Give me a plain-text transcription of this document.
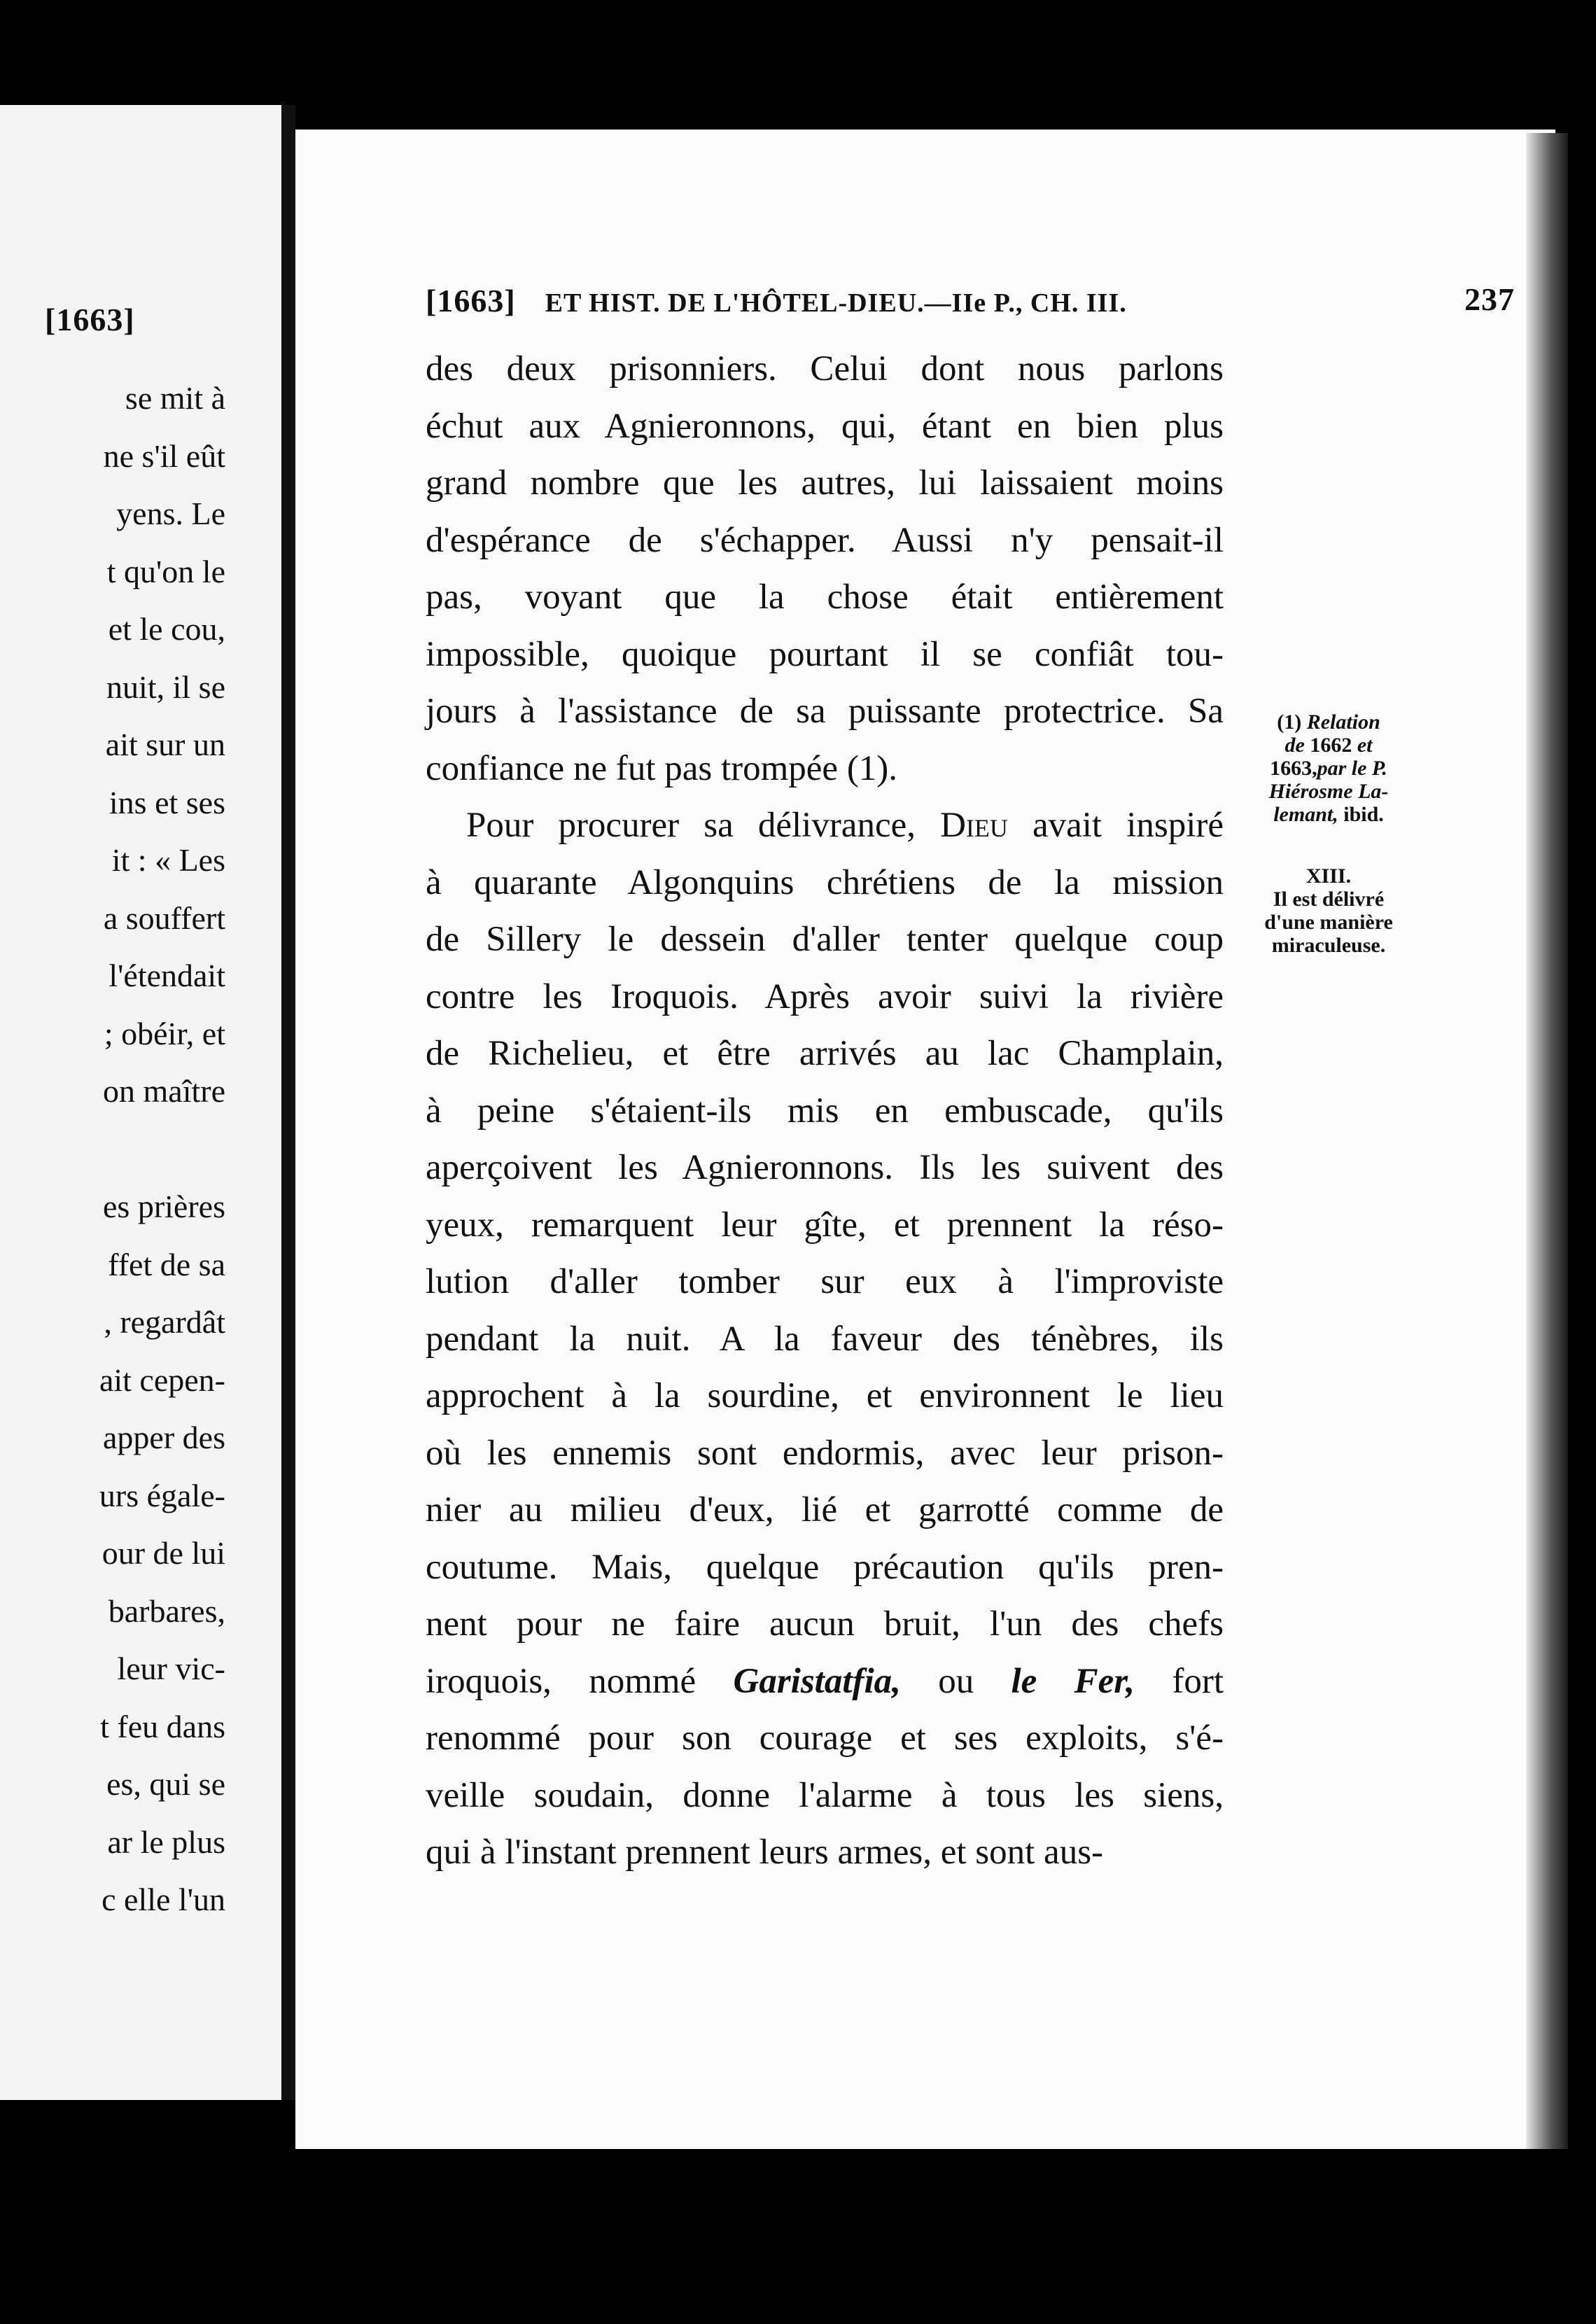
[1663]
se mit à
ne s'il eût
yens. Le
t qu'on le
et le cou,
nuit, il se
ait sur un
ins et ses
it : « Les
a souffert
l'étendait
; obéir, et
on maître
es prières
ffet de sa
, regardât
ait cepen-
apper des
urs égale-
our de lui
barbares,
leur vic-
t feu dans
es, qui se
ar le plus
c elle l'un
[1663] ET HIST. DE L'HÔTEL-DIEU.—IIe P., CH. III.	237
des deux prisonniers. Celui dont nous parlons
échut aux Agnieronnons, qui, étant en bien plus
grand nombre que les autres, lui laissaient moins
d'espérance de s'échapper. Aussi n'y pensait-il
pas, voyant que la chose était entièrement
impossible, quoique pourtant il se confiât tou-
jours à l'assistance de sa puissante protectrice. Sa
confiance ne fut pas trompée (1).
Pour procurer sa délivrance, Dieu avait inspiré
à quarante Algonquins chrétiens de la mission
de Sillery le dessein d'aller tenter quelque coup
contre les Iroquois. Après avoir suivi la rivière
de Richelieu, et être arrivés au lac Champlain,
à peine s'étaient-ils mis en embuscade, qu'ils
aperçoivent les Agnieronnons. Ils les suivent des
yeux, remarquent leur gîte, et prennent la réso-
lution d'aller tomber sur eux à l'improviste
pendant la nuit. A la faveur des ténèbres, ils
approchent à la sourdine, et environnent le lieu
où les ennemis sont endormis, avec leur prison-
nier au milieu d'eux, lié et garrotté comme de
coutume. Mais, quelque précaution qu'ils pren-
nent pour ne faire aucun bruit, l'un des chefs
iroquois, nommé Garistatfia, ou le Fer, fort
renommé pour son courage et ses exploits, s'é-
veille soudain, donne l'alarme à tous les siens,
qui à l'instant prennent leurs armes, et sont aus-
(1) Relation
de 1662 et
1663,par le P.
Hiérosme La-
lemant, ibid.
XIII.
Il est délivré
d'une manière
miraculeuse.
